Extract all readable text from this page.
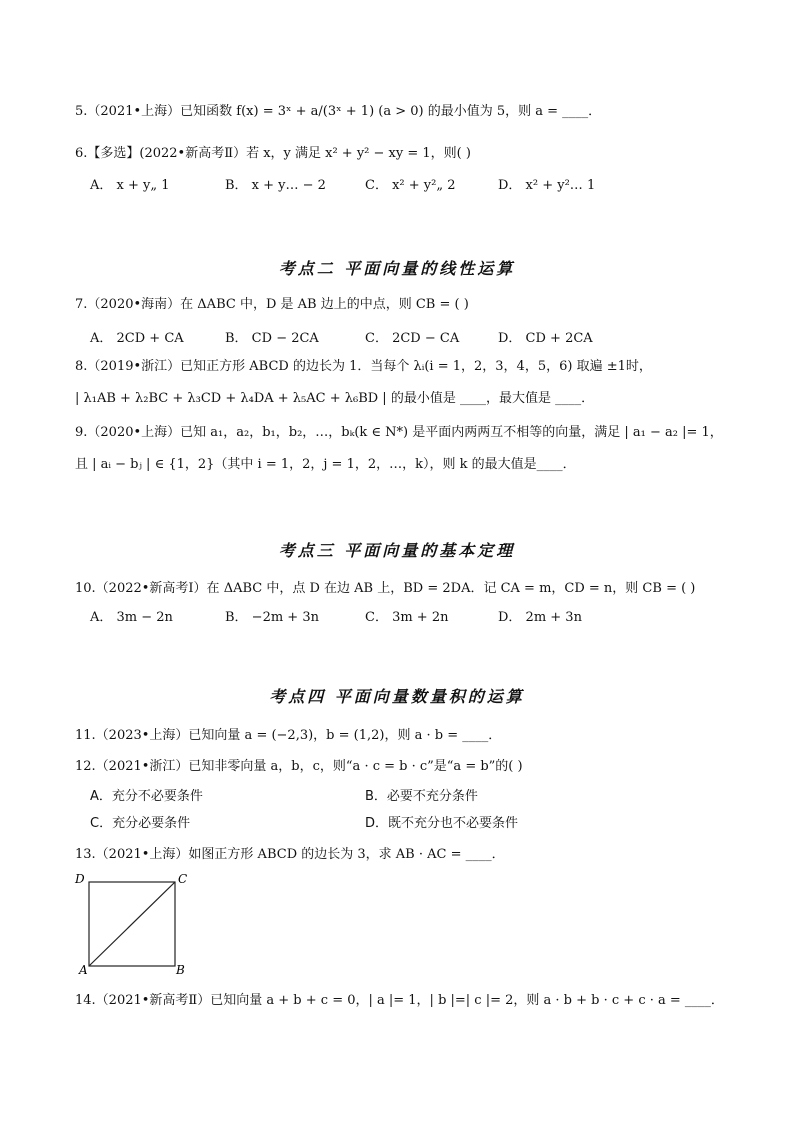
5.（2021•上海）已知函数 f(x) = 3ˣ + a/(3ˣ + 1) (a > 0) 的最小值为 5，则 a = ____．
6.【多选】(2022•新高考Ⅱ）若 x，y 满足 x² + y² − xy = 1，则( )
A． x + y„ 1	B． x + y… − 2	C． x² + y²„ 2	D． x² + y²… 1
考点二 平面向量的线性运算
7.（2020•海南）在 ΔABC 中，D 是 AB 边上的中点，则 CB = ( )
A． 2CD + CA	B． CD − 2CA	C． 2CD − CA	D． CD + 2CA
8.（2019•浙江）已知正方形 ABCD 的边长为 1．当每个 λᵢ(i = 1，2，3，4，5，6) 取遍 ±1时，
| λ₁AB + λ₂BC + λ₃CD + λ₄DA + λ₅AC + λ₆BD | 的最小值是 ____，最大值是 ____．
9.（2020•上海）已知 a₁，a₂，b₁，b₂，…，bₖ(k ∈ N*) 是平面内两两互不相等的向量，满足 | a₁ − a₂ |= 1，
且 | aᵢ − bⱼ | ∈ {1，2}（其中 i = 1，2，j = 1，2，…，k），则 k 的最大值是____．
考点三 平面向量的基本定理
10.（2022•新高考Ⅰ）在 ΔABC 中，点 D 在边 AB 上，BD = 2DA．记 CA = m，CD = n，则 CB = ( )
A． 3m − 2n	B． −2m + 3n	C． 3m + 2n	D． 2m + 3n
考点四 平面向量数量积的运算
11.（2023•上海）已知向量 a = (−2,3)，b = (1,2)，则 a · b = ____．
12.（2021•浙江）已知非零向量 a，b，c，则“a · c = b · c”是“a = b”的( )
A．充分不必要条件	B．必要不充分条件
C．充分必要条件	D．既不充分也不必要条件
13.（2021•上海）如图正方形 ABCD 的边长为 3，求 AB · AC = ____．
D	C
A	B
14.（2021•新高考Ⅱ）已知向量 a + b + c = 0，| a |= 1，| b |=| c |= 2，则 a · b + b · c + c · a = ____．
